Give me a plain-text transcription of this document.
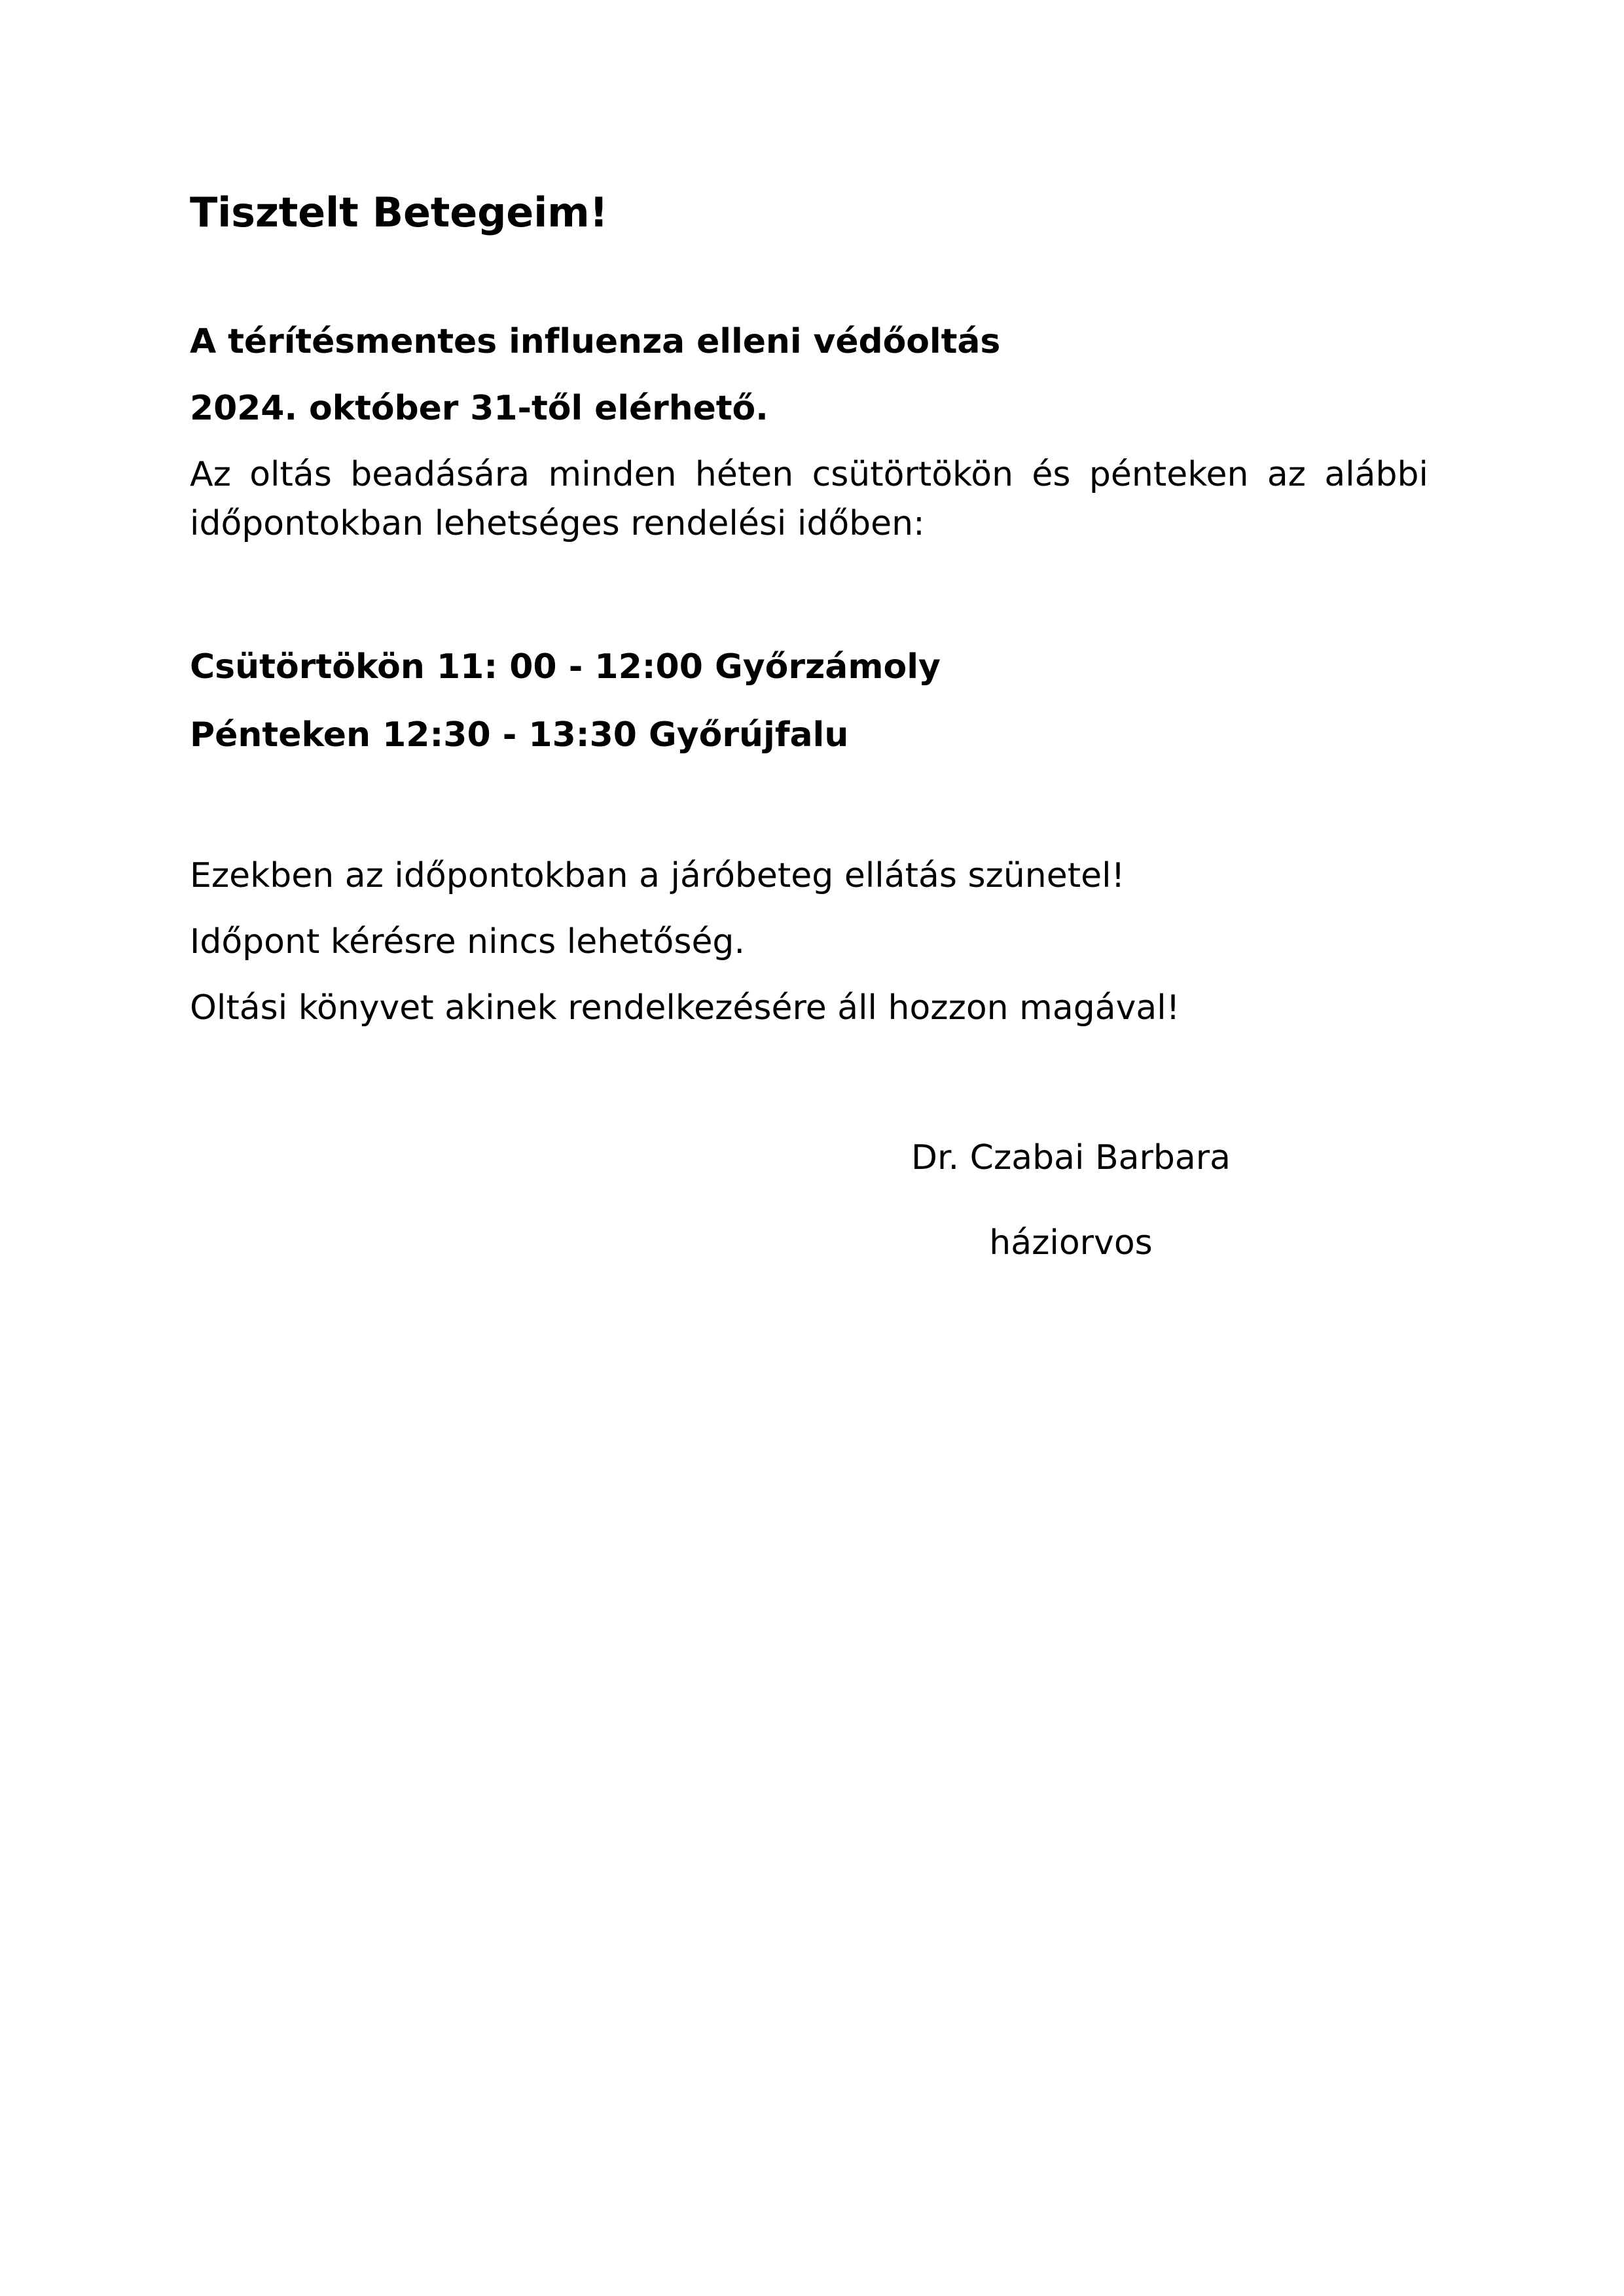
Tisztelt Betegeim!

A térítésmentes influenza elleni védőoltás

2024. október 31-től elérhető.

Az oltás beadására minden héten csütörtökön és pénteken az alábbi időpontokban lehetséges rendelési időben:

Csütörtökön 11: 00 - 12:00 Győrzámoly

Pénteken 12:30 - 13:30 Győrújfalu

Ezekben az időpontokban a járóbeteg ellátás szünetel!

Időpont kérésre nincs lehetőség.

Oltási könyvet akinek rendelkezésére áll hozzon magával!

Dr. Czabai Barbara

háziorvos
